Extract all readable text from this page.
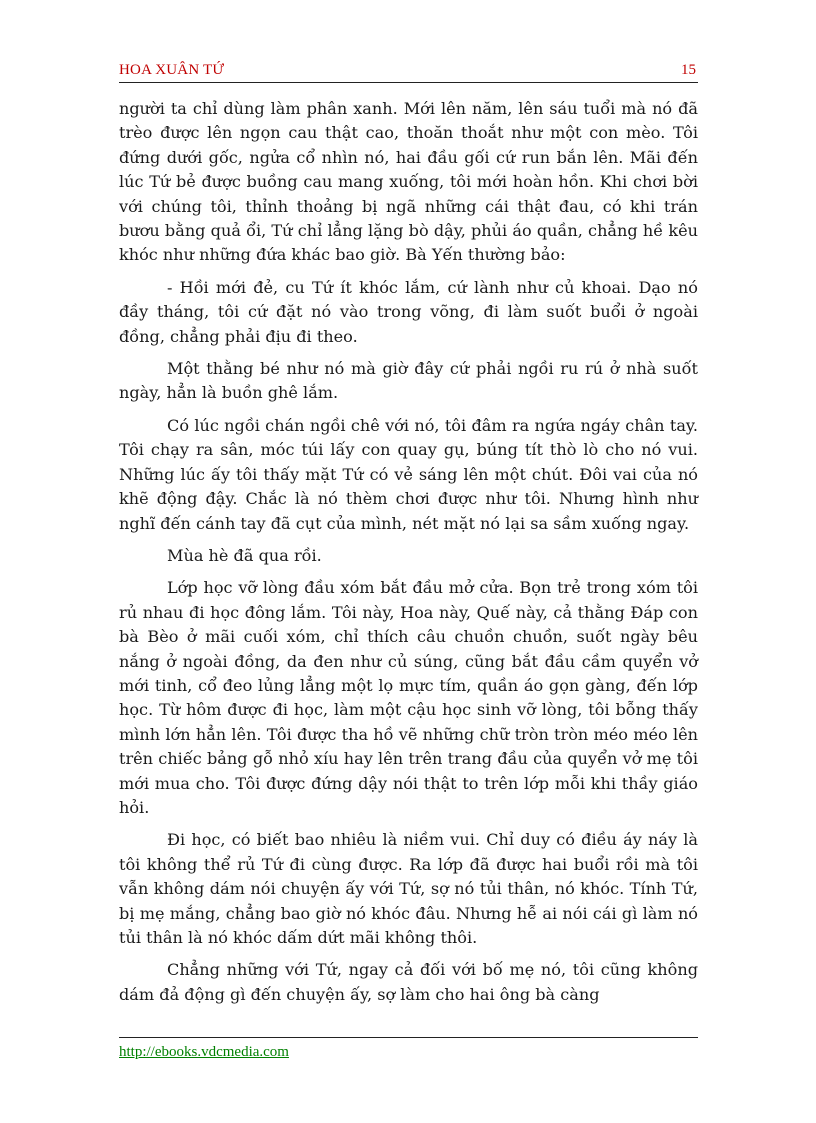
HOA XUÂN TỨ	15

người ta chỉ dùng làm phân xanh. Mới lên năm, lên sáu tuổi mà nó đã trèo được lên ngọn cau thật cao, thoăn thoắt như một con mèo. Tôi đứng dưới gốc, ngửa cổ nhìn nó, hai đầu gối cứ run bắn lên. Mãi đến lúc Tứ bẻ được buồng cau mang xuống, tôi mới hoàn hồn. Khi chơi bời với chúng tôi, thỉnh thoảng bị ngã những cái thật đau, có khi trán bươu bằng quả ổi, Tứ chỉ lẳng lặng bò dậy, phủi áo quần, chẳng hề kêu khóc như những đứa khác bao giờ. Bà Yến thường bảo:

- Hồi mới đẻ, cu Tứ ít khóc lắm, cứ lành như củ khoai. Dạo nó đầy tháng, tôi cứ đặt nó vào trong võng, đi làm suốt buổi ở ngoài đồng, chẳng phải địu đi theo.

Một thằng bé như nó mà giờ đây cứ phải ngồi ru rú ở nhà suốt ngày, hẳn là buồn ghê lắm.

Có lúc ngồi chán ngồi chê với nó, tôi đâm ra ngứa ngáy chân tay. Tôi chạy ra sân, móc túi lấy con quay gụ, búng tít thò lò cho nó vui. Những lúc ấy tôi thấy mặt Tứ có vẻ sáng lên một chút. Đôi vai của nó khẽ động đậy. Chắc là nó thèm chơi được như tôi. Nhưng hình như nghĩ đến cánh tay đã cụt của mình, nét mặt nó lại sa sầm xuống ngay.

Mùa hè đã qua rồi.

Lớp học vỡ lòng đầu xóm bắt đầu mở cửa. Bọn trẻ trong xóm tôi rủ nhau đi học đông lắm. Tôi này, Hoa này, Quế này, cả thằng Đáp con bà Bèo ở mãi cuối xóm, chỉ thích câu chuồn chuồn, suốt ngày bêu nắng ở ngoài đồng, da đen như củ súng, cũng bắt đầu cầm quyển vở mới tinh, cổ đeo lủng lẳng một lọ mực tím, quần áo gọn gàng, đến lớp học. Từ hôm được đi học, làm một cậu học sinh vỡ lòng, tôi bỗng thấy mình lớn hẳn lên. Tôi được tha hồ vẽ những chữ tròn tròn méo méo lên trên chiếc bảng gỗ nhỏ xíu hay lên trên trang đầu của quyển vở mẹ tôi mới mua cho. Tôi được đứng dậy nói thật to trên lớp mỗi khi thầy giáo hỏi.

Đi học, có biết bao nhiêu là niềm vui. Chỉ duy có điều áy náy là tôi không thể rủ Tứ đi cùng được. Ra lớp đã được hai buổi rồi mà tôi vẫn không dám nói chuyện ấy với Tứ, sợ nó tủi thân, nó khóc. Tính Tứ, bị mẹ mắng, chẳng bao giờ nó khóc đâu. Nhưng hễ ai nói cái gì làm nó tủi thân là nó khóc dấm dứt mãi không thôi.

Chẳng những với Tứ, ngay cả đối với bố mẹ nó, tôi cũng không dám đả động gì đến chuyện ấy, sợ làm cho hai ông bà càng

http://ebooks.vdcmedia.com
